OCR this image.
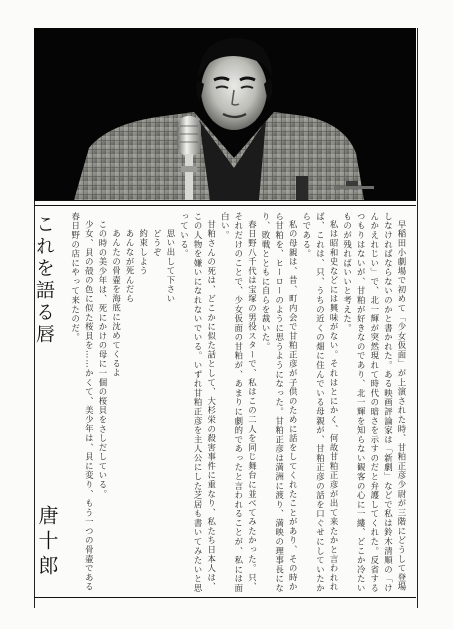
これを語る唇	早稲田小劇場で初めて「少女仮面」が上演された時、甘粕正彦少尉が三階にどうして登場しなければならないのかと書かれた。ある映画評論家は「新劇」などで私は鈴木清順の「けんかえれじい」で、北一輝が突然現れて時代の暗さを示すのだと弁護してくれた。反省するつもりはないが、甘粕が好きなのであり、北一輝を知らない観客の心に一縷、どこか冷たいものが残ればいいと考えた。

私は昭和史などには興味がない。それはとにかく、何故甘粕正彦が出て来たかと言われれば、これは、只、うちの近くの畑に住んでいる母親が、甘粕正彦の話を口ぐせにしていたからである。

私の母親は、昔、町内会で甘粕正彦が子供のために話をしてくれたことがあり、その時から甘粕を、ヒーローのように思うようになった。甘粕正彦は満洲に渡り、満映の理事長になり、敗戦とともに自らを裁いた。

春日野八千代は宝塚の男役スターで、私はこの二人を同じ舞台に並べてみたかった。只、それだけのことで、少女仮面の甘粕が、あまりに劇的であったと言われることが、私には面白い。

甘粕さんの死は、どこかに似た話として、大杉栄の殺害事件に重なり、私たち日本人は、この人物を嫌いになれないでいる。いずれ甘粕正彦を主人公にした芝居も書いてみたいと思っている。

思い出して下さい

どうぞ

約束しよう

あんなが死んだら

あんたの骨壷を海底に沈めてくるよ

この時の美少年は、死にかけの母に一個の桜貝をさしだしている。

少女、貝の殻の色に似た桜貝を……かくて、美少年は、貝に変り、もう一つの骨壷である春日野の店にやって来たのだ。

唐十郎
